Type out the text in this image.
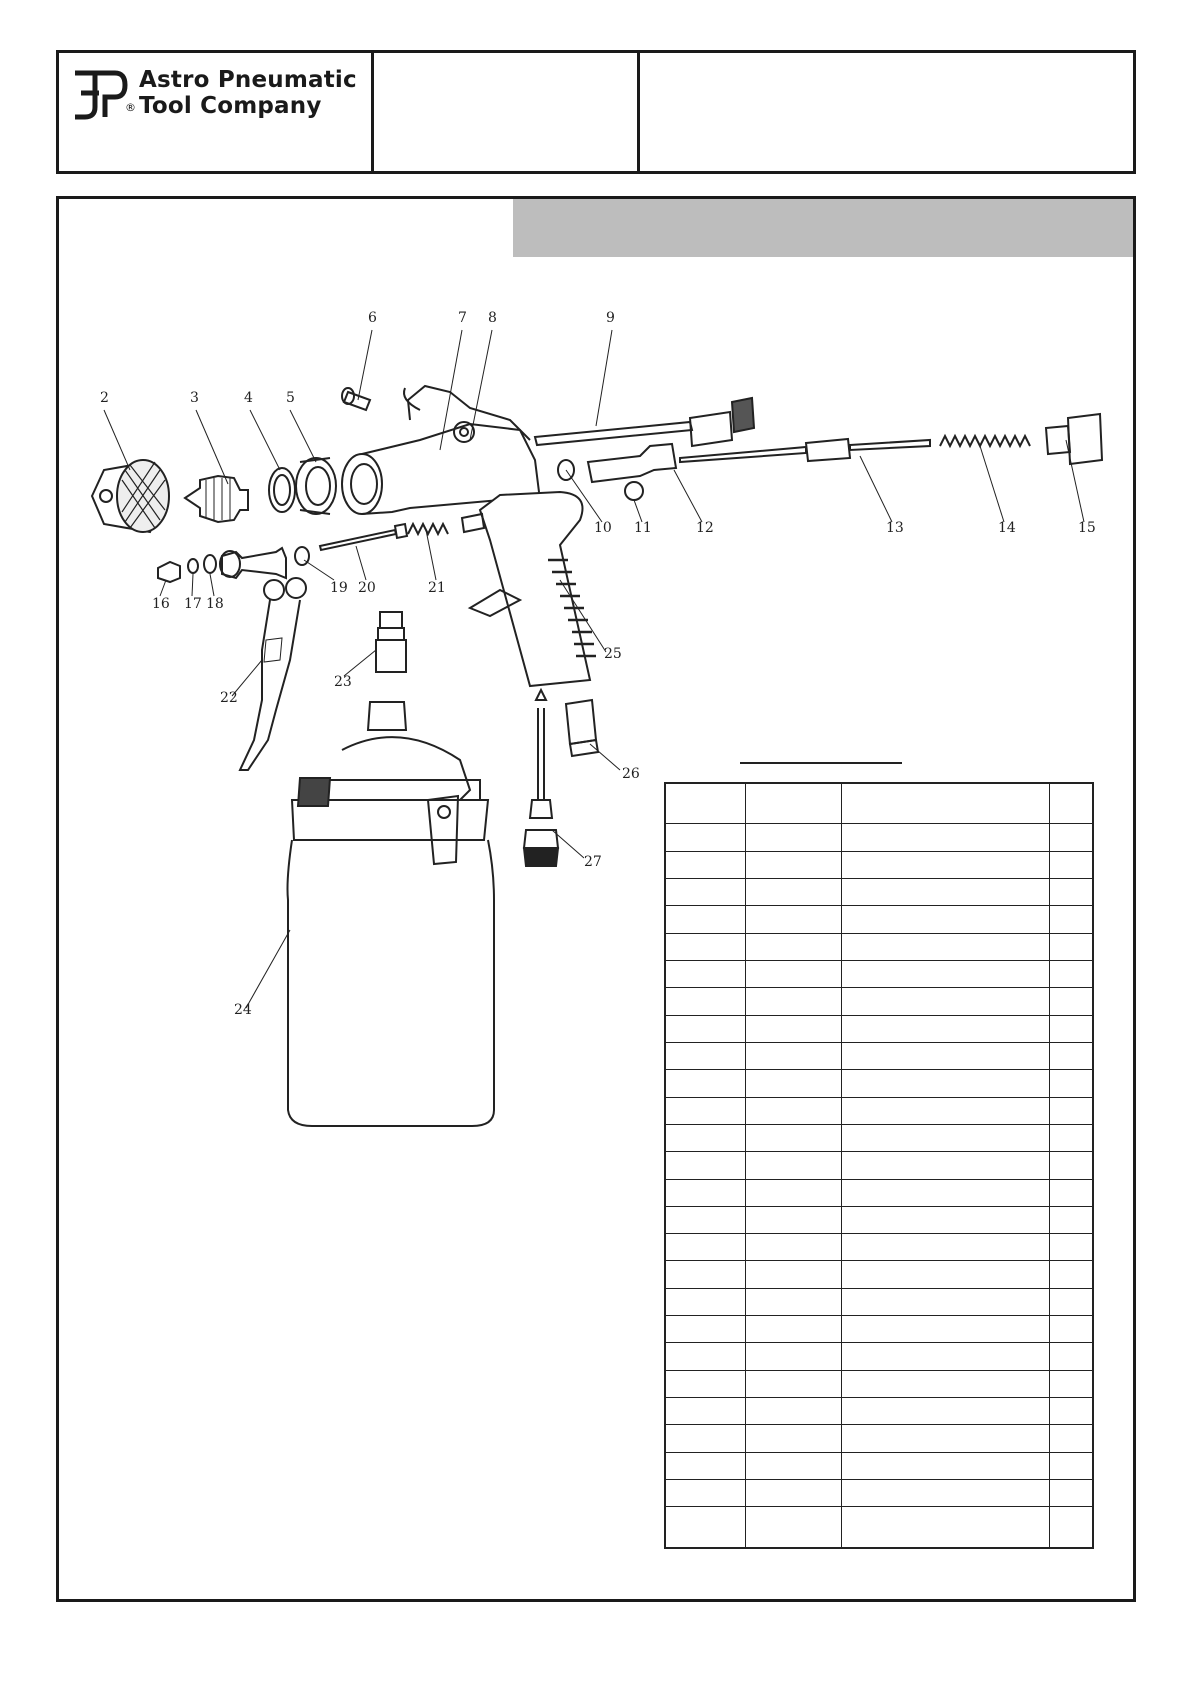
Astro Pneumatic
Tool Company
®
2	3	4 5
6	7 8	9
10 11	12	13	14	15
16 17 18
19 20	21
22
23
24
25
26
27
